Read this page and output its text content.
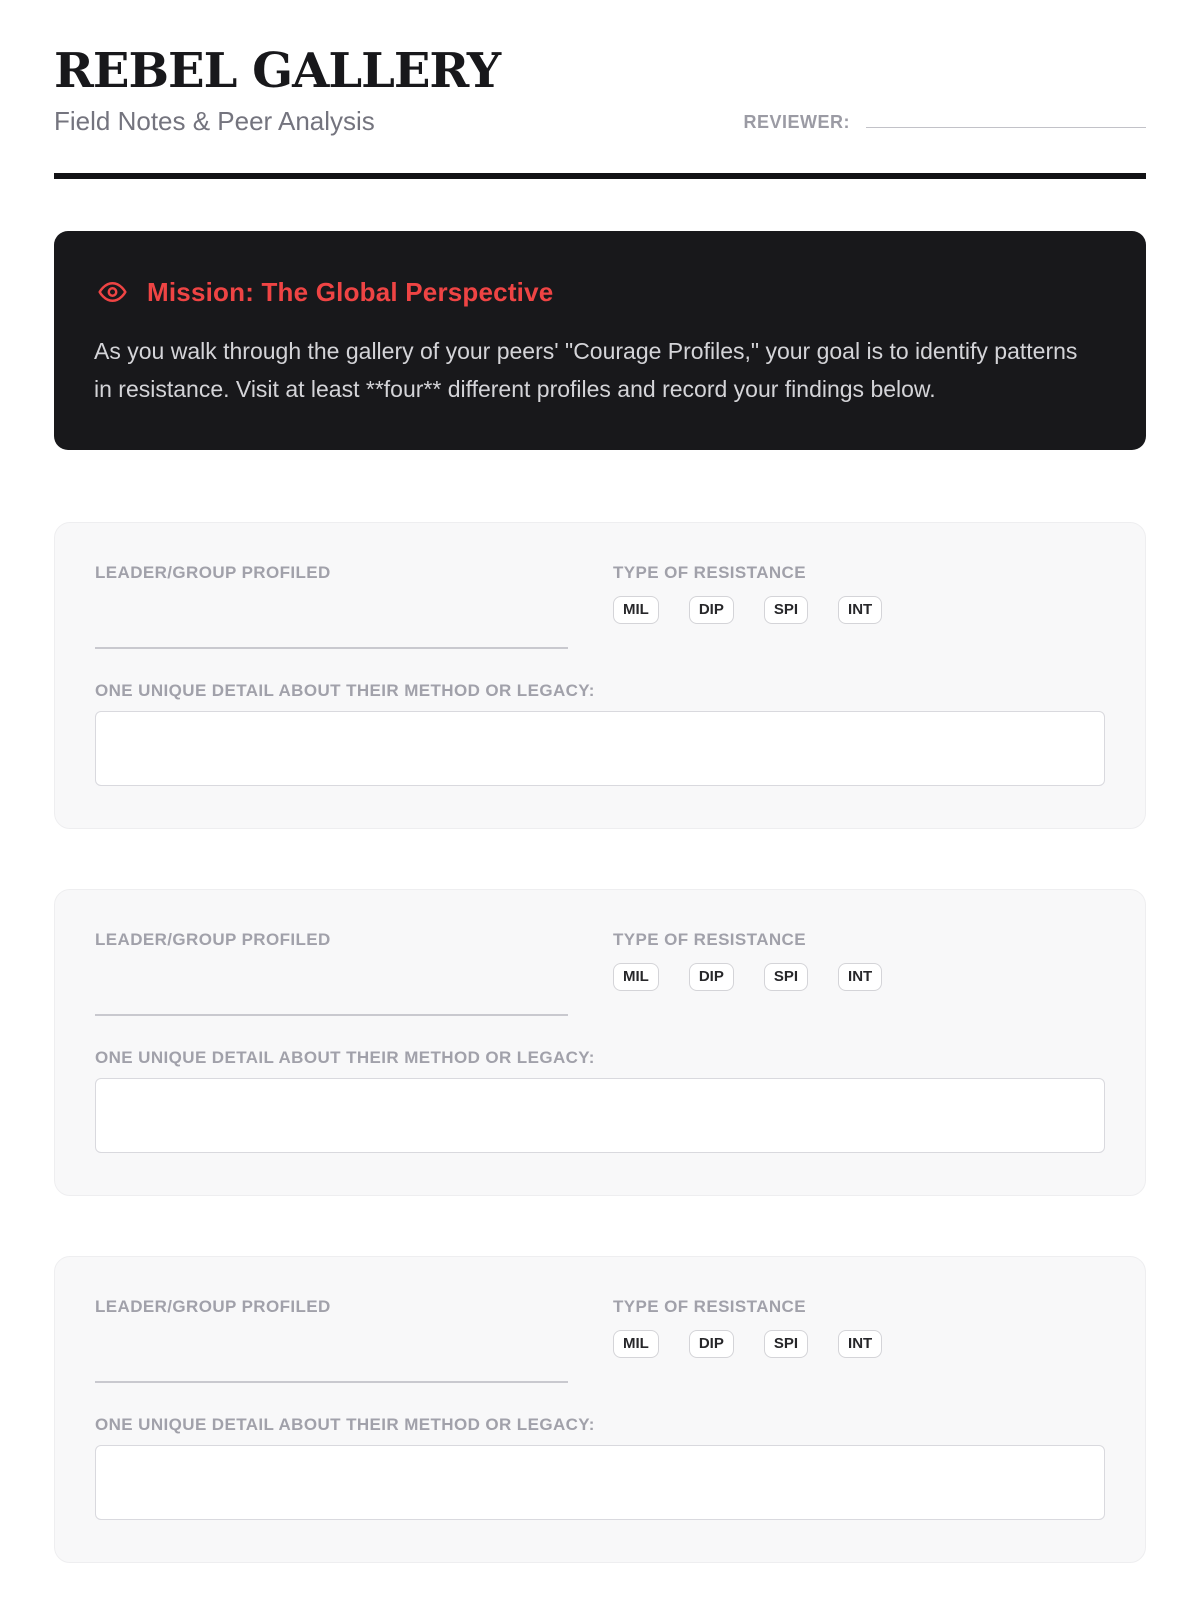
REBEL GALLERY
Field Notes & Peer Analysis	REVIEWER:
Mission: The Global Perspective

As you walk through the gallery of your peers' "Courage Profiles," your goal is to identify patterns in resistance. Visit at least **four** different profiles and record your findings below.

LEADER/GROUP PROFILED	TYPE OF RESISTANCE
MIL	DIP	SPI	INT
ONE UNIQUE DETAIL ABOUT THEIR METHOD OR LEGACY:
LEADER/GROUP PROFILED	TYPE OF RESISTANCE
MIL	DIP	SPI	INT
ONE UNIQUE DETAIL ABOUT THEIR METHOD OR LEGACY:
LEADER/GROUP PROFILED	TYPE OF RESISTANCE
MIL	DIP	SPI	INT
ONE UNIQUE DETAIL ABOUT THEIR METHOD OR LEGACY:
